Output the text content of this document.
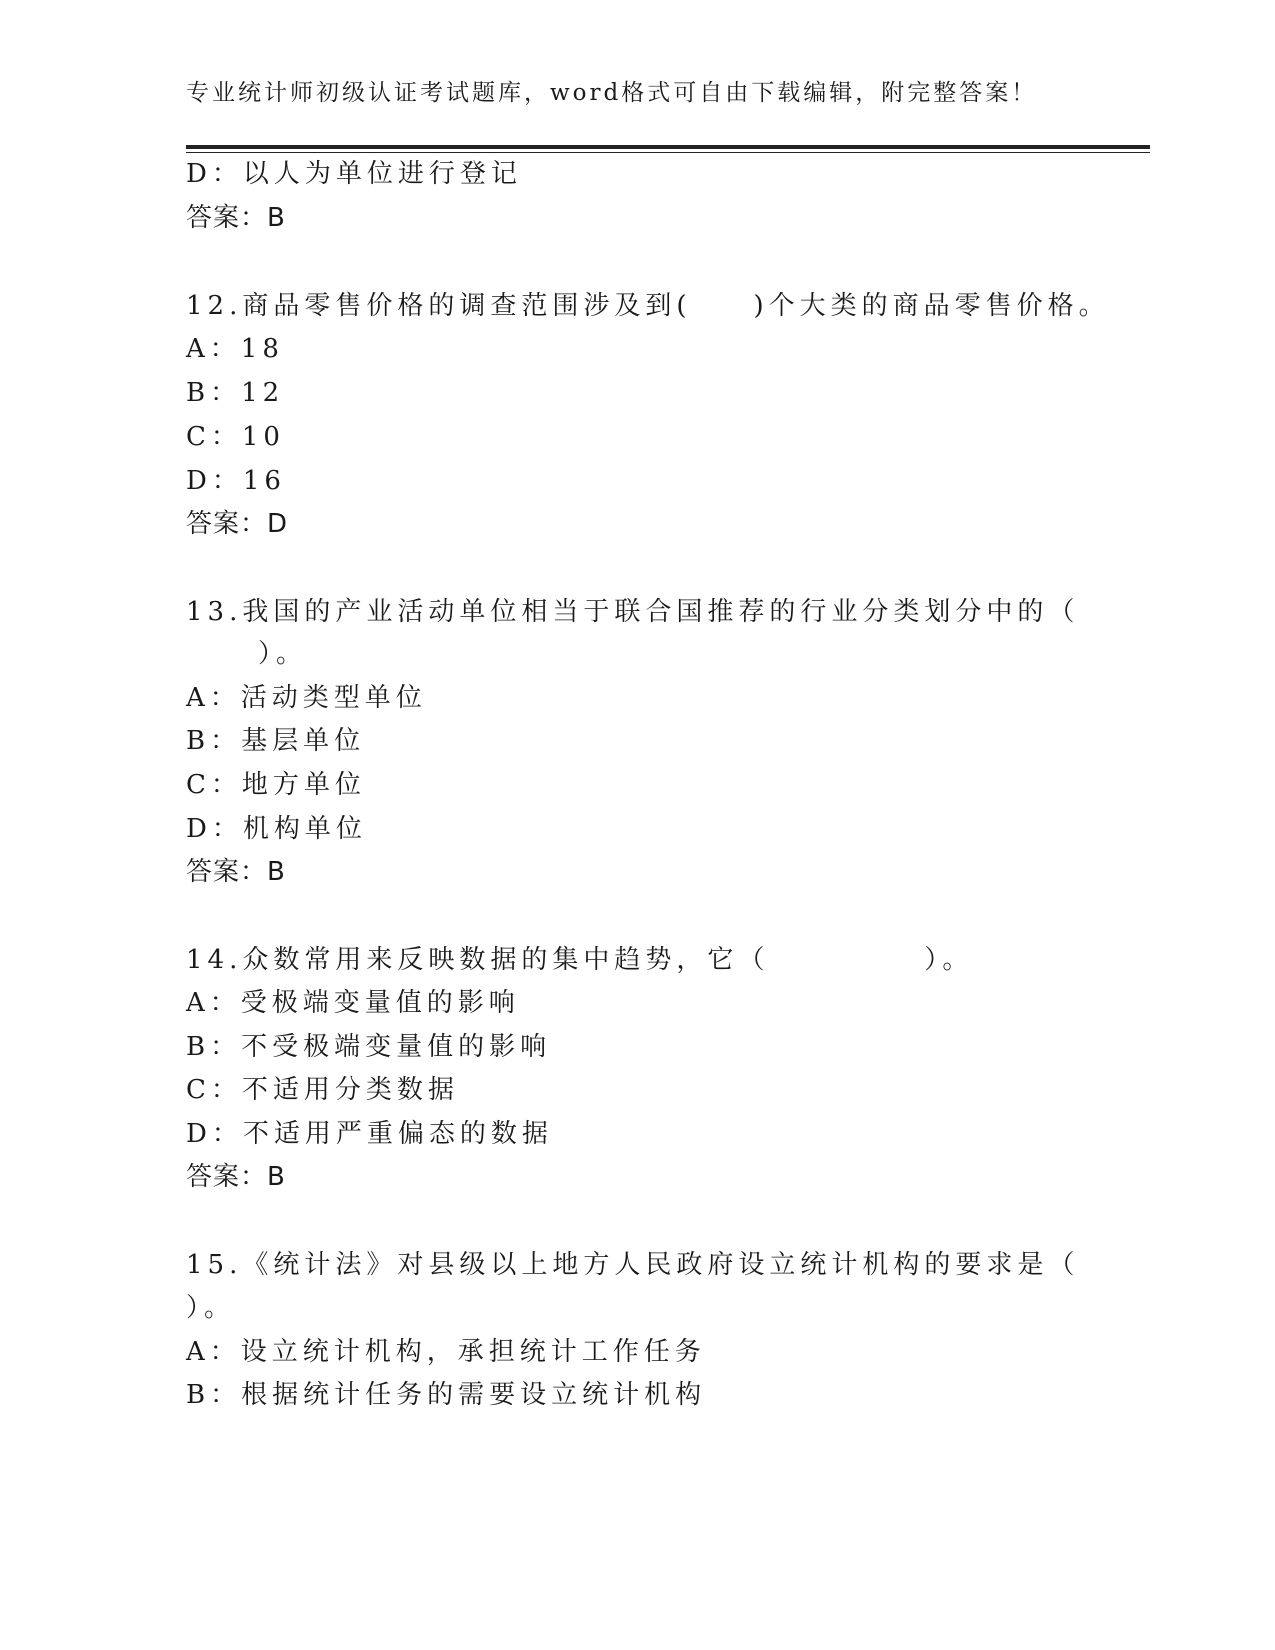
专业统计师初级认证考试题库，word格式可自由下载编辑，附完整答案！
D：以人为单位进行登记
答案：B
12.商品零售价格的调查范围涉及到(　　)个大类的商品零售价格。
A：18
B：12
C：10
D：16
答案：D
13.我国的产业活动单位相当于联合国推荐的行业分类划分中的（
）。
A：活动类型单位
B：基层单位
C：地方单位
D：机构单位
答案：B
14.众数常用来反映数据的集中趋势，它（　　　　　）。
A：受极端变量值的影响
B：不受极端变量值的影响
C：不适用分类数据
D：不适用严重偏态的数据
答案：B
15.《统计法》对县级以上地方人民政府设立统计机构的要求是（
）。
A：设立统计机构，承担统计工作任务
B：根据统计任务的需要设立统计机构
